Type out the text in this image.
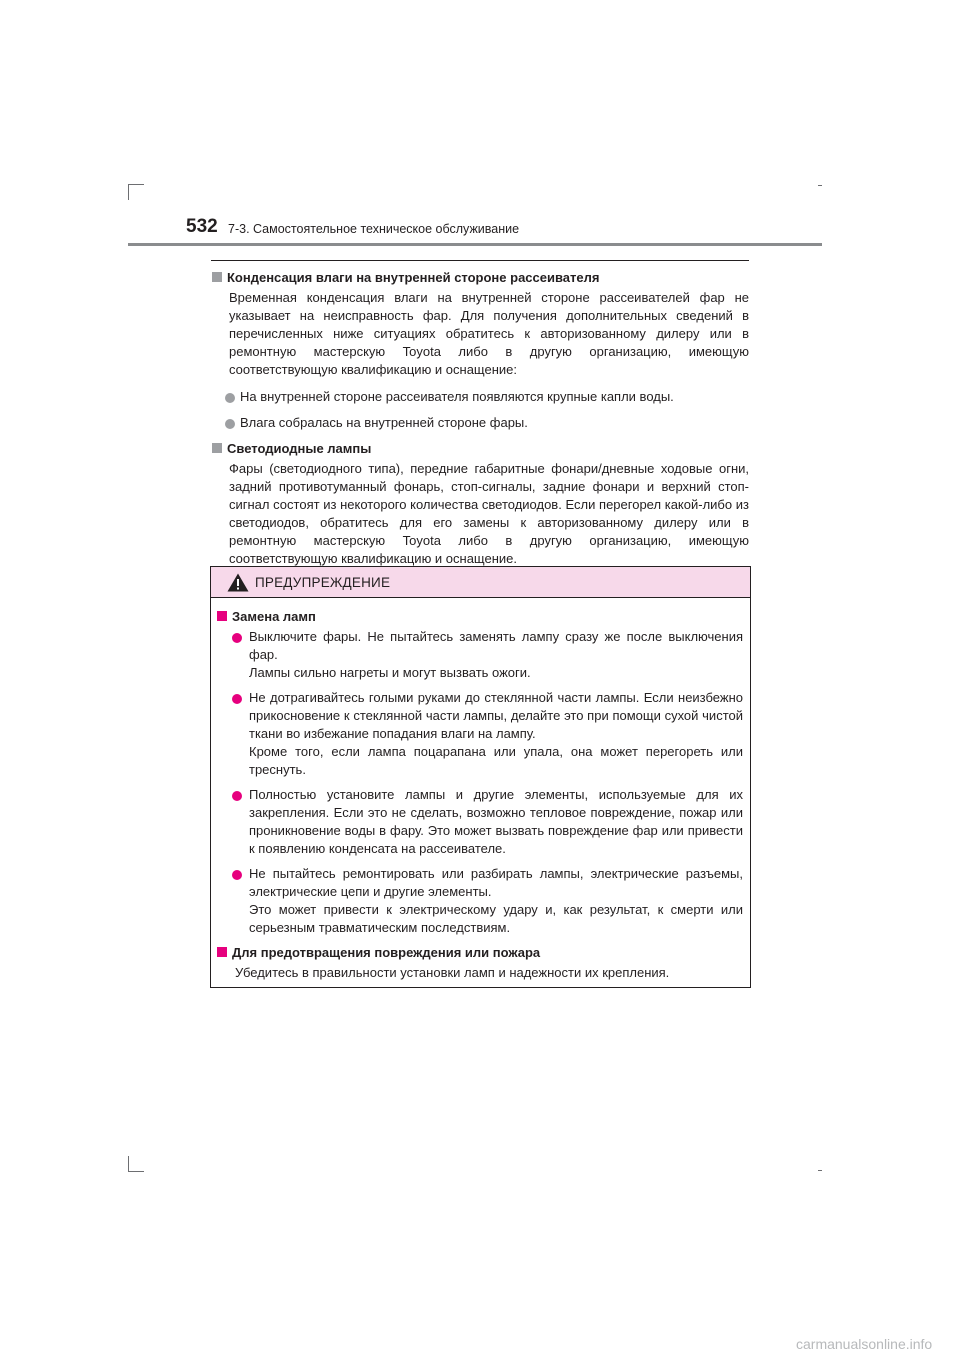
532 7-3. Самостоятельное техническое обслуживание
Конденсация влаги на внутренней стороне рассеивателя

Временная конденсация влаги на внутренней стороне рассеивателей фар не указывает на неисправность фар. Для получения дополнительных сведений в перечисленных ниже ситуациях обратитесь к авторизованному дилеру или в ремонтную мастерскую Toyota либо в другую организацию, имеющую соответствующую квалификацию и оснащение:

На внутренней стороне рассеивателя появляются крупные капли воды.
Влага собралась на внутренней стороне фары.
Светодиодные лампы

Фары (светодиодного типа), передние габаритные фонари/дневные ходовые огни, задний противотуманный фонарь, стоп-сигналы, задние фонари и верхний стоп-сигнал состоят из некоторого количества светодиодов. Если перегорел какой-либо из светодиодов, обратитесь для его замены к авторизованному дилеру или в ремонтную мастерскую Toyota либо в другую организацию, имеющую соответствующую квалификацию и оснащение.

ПРЕДУПРЕЖДЕНИЕ
Замена ламп
Выключите фары. Не пытайтесь заменять лампу сразу же после выключения фар.
Лампы сильно нагреты и могут вызвать ожоги.
Не дотрагивайтесь голыми руками до стеклянной части лампы. Если неизбежно прикосновение к стеклянной части лампы, делайте это при помощи сухой чистой ткани во избежание попадания влаги на лампу.
Кроме того, если лампа поцарапана или упала, она может перегореть или треснуть.
Полностью установите лампы и другие элементы, используемые для их закрепления. Если это не сделать, возможно тепловое повреждение, пожар или проникновение воды в фару. Это может вызвать повреждение фар или привести к появлению конденсата на рассеивателе.
Не пытайтесь ремонтировать или разбирать лампы, электрические разъемы, электрические цепи и другие элементы.
Это может привести к электрическому удару и, как результат, к смерти или серьезным травматическим последствиям.
Для предотвращения повреждения или пожара

Убедитесь в правильности установки ламп и надежности их крепления.

carmanualsonline.info
